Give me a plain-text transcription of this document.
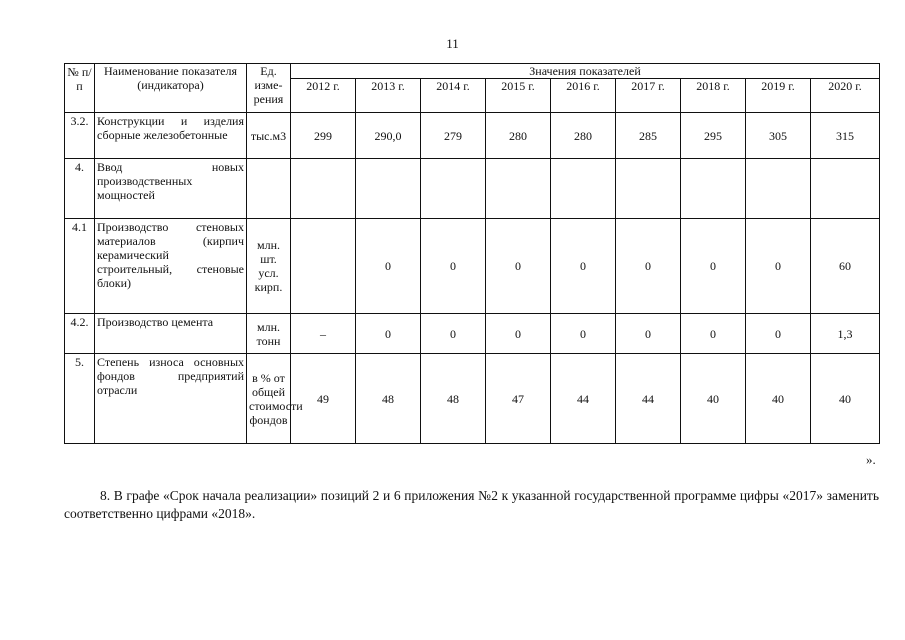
11
№ п/п	Наименование показателя (индикатора)	Ед. изме-рения	Значения показателей								
			2012 г.	2013 г.	2014 г.	2015 г.	2016 г.	2017 г.	2018 г.	2019 г.	2020 г.
3.2.	Конструкции и изделия сборные железобетонные	тыс.м3	299	290,0	279	280	280	285	295	305	315
4.	Ввод новых производственных мощностей										
4.1	Производство стеновых материалов (кирпич керамический строительный, стеновые блоки)	млн. шт. усл. кирп.		0	0	0	0	0	0	0	60
4.2.	Производство цемента	млн. тонн	–	0	0	0	0	0	0	0	1,3
5.	Степень износа основных фондов предприятий отрасли	в % от общей стоимости фондов	49	48	48	47	44	44	40	40	40
».
8. В графе «Срок начала реализации» позиций 2 и 6 приложения №2 к указанной государственной программе цифры «2017» заменить соответственно цифрами «2018».
